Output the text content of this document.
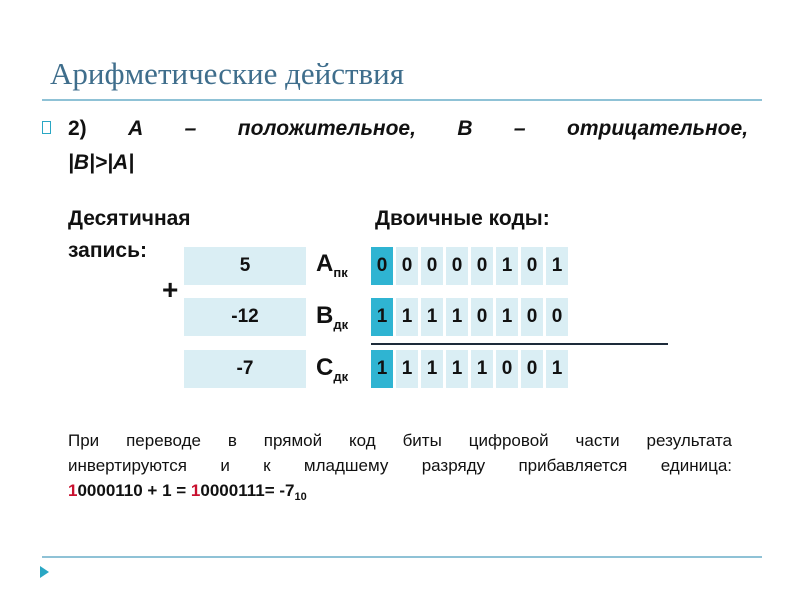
Арифметические действия
2) A – положительное, B – отрицательное,
|B|>|A|
Десятичная
запись:
Двоичные коды:
5	$A_{пк}$	0 0 0 0 0 1 0 1
+
-12	$B_{дк}$	1 1 1 1 0 1 0 0
-7	$C_{дк}$	1 1 1 1 1 0 0 1
При переводе в прямой код биты цифровой части результата
инвертируются и к младшему разряду прибавляется единица:
$10000110 + 1 = 10000111= -7_{10}$
